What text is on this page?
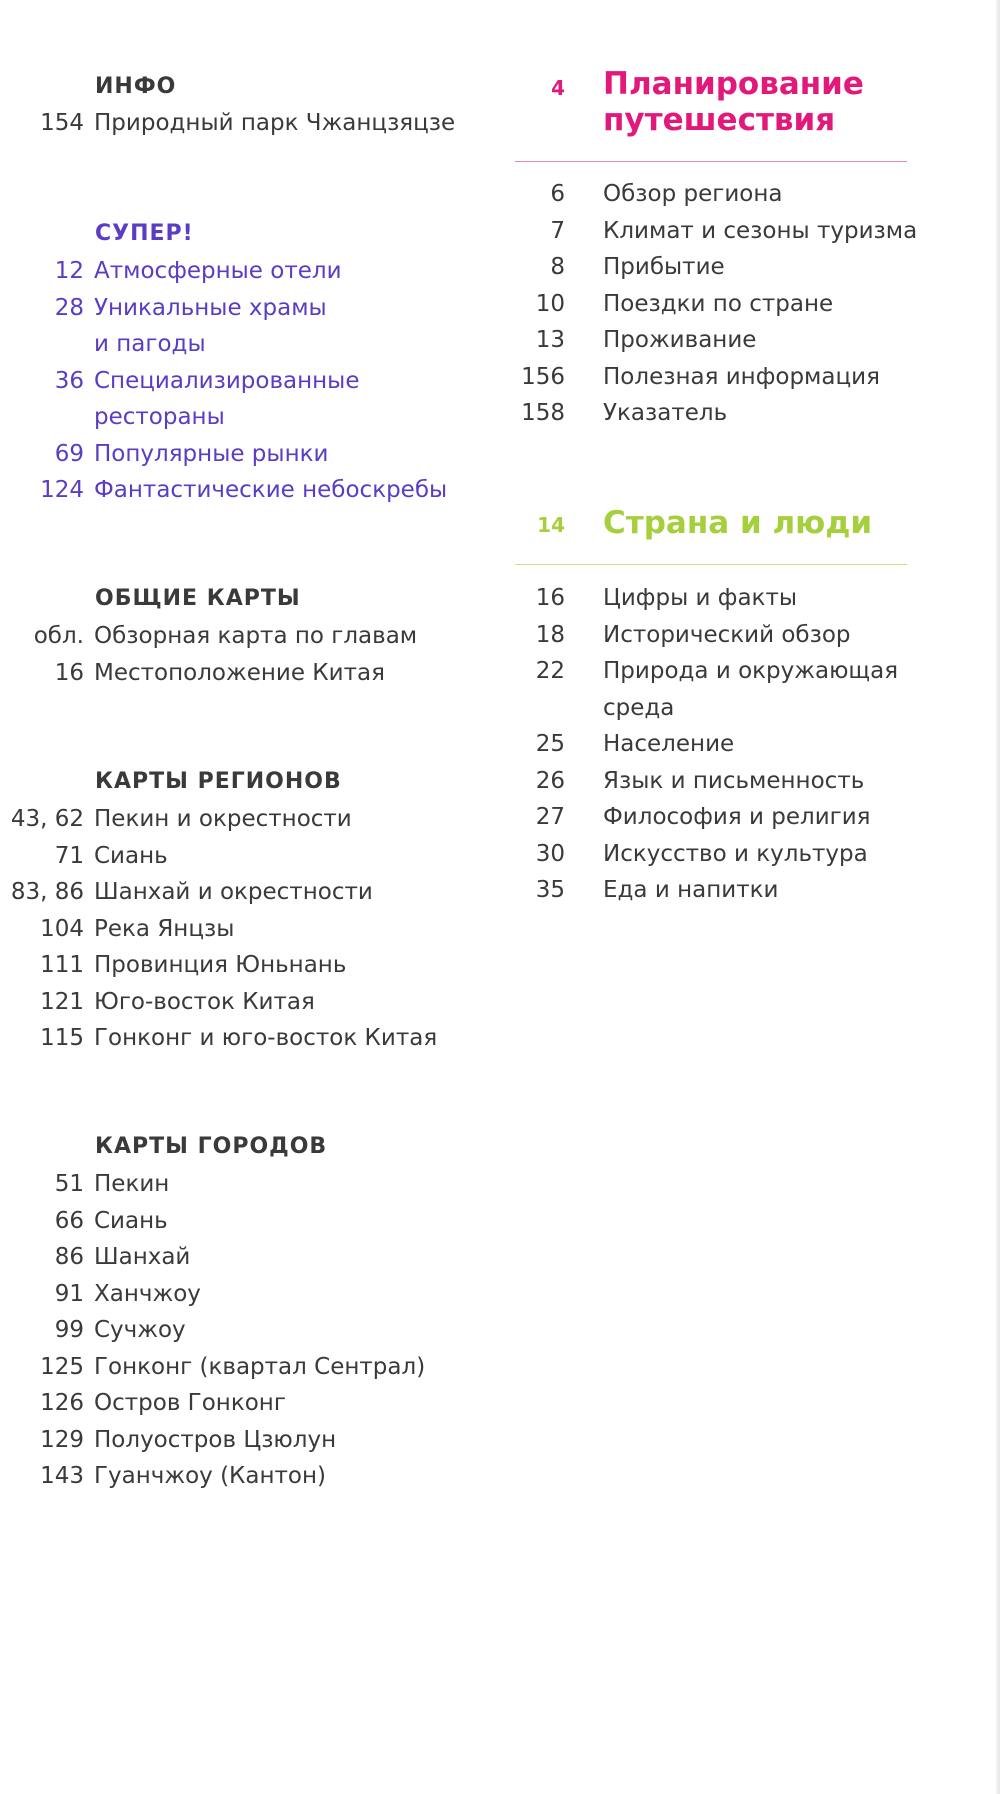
ИНФО
154 Природный парк Чжанцзяцзе
СУПЕР!
12 Атмосферные отели
28 Уникальные храмы
и пагоды
36 Специализированные
рестораны
69 Популярные рынки
124 Фантастические небоскребы
ОБЩИЕ КАРТЫ
обл. Обзорная карта по главам
16 Местоположение Китая
КАРТЫ РЕГИОНОВ
43, 62 Пекин и окрестности
71 Сиань
83, 86 Шанхай и окрестности
104 Река Янцзы
111 Провинция Юньнань
121 Юго-восток Китая
115 Гонконг и юго-восток Китая
КАРТЫ ГОРОДОВ
51 Пекин
66 Сиань
86 Шанхай
91 Ханчжоу
99 Сучжоу
125 Гонконг (квартал Сентрал)
126 Остров Гонконг
129 Полуостров Цзюлун
143 Гуанчжоу (Кантон)
4 Планирование
путешествия
6 Обзор региона
7 Климат и сезоны туризма
8 Прибытие
10 Поездки по стране
13 Проживание
156 Полезная информация
158 Указатель
14 Страна и люди
16 Цифры и факты
18 Исторический обзор
22 Природа и окружающая
среда
25 Население
26 Язык и письменность
27 Философия и религия
30 Искусство и культура
35 Еда и напитки
